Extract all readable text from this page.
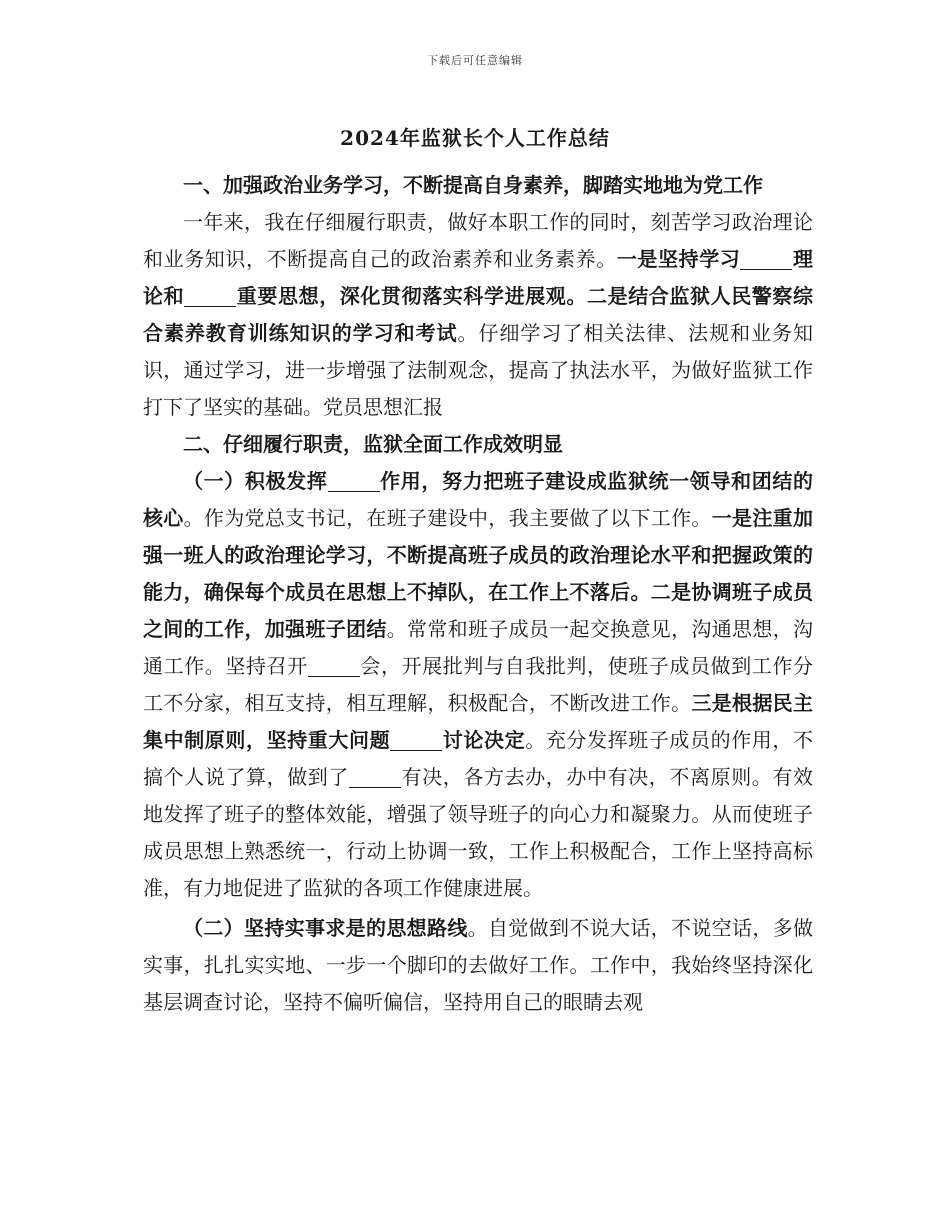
下载后可任意编辑
2024年监狱长个人工作总结

一、加强政治业务学习，不断提高自身素养，脚踏实地地为党工作

一年来，我在仔细履行职责，做好本职工作的同时，刻苦学习政治理论和业务知识，不断提高自己的政治素养和业务素养。一是坚持学习	理论和	重要思想，深化贯彻落实科学进展观。二是结合监狱人民警察综合素养教育训练知识的学习和考试。仔细学习了相关法律、法规和业务知识，通过学习，进一步增强了法制观念，提高了执法水平，为做好监狱工作打下了坚实的基础。党员思想汇报

二、仔细履行职责，监狱全面工作成效明显

（一）积极发挥	作用，努力把班子建设成监狱统一领导和团结的核心。作为党总支书记，在班子建设中，我主要做了以下工作。一是注重加强一班人的政治理论学习，不断提高班子成员的政治理论水平和把握政策的能力，确保每个成员在思想上不掉队，在工作上不落后。二是协调班子成员之间的工作，加强班子团结。常常和班子成员一起交换意见，沟通思想，沟通工作。坚持召开	会，开展批判与自我批判，使班子成员做到工作分工不分家，相互支持，相互理解，积极配合，不断改进工作。三是根据民主集中制原则，坚持重大问题	讨论决定。充分发挥班子成员的作用，不搞个人说了算，做到了	有决，各方去办，办中有决，不离原则。有效地发挥了班子的整体效能，增强了领导班子的向心力和凝聚力。从而使班子成员思想上熟悉统一，行动上协调一致，工作上积极配合，工作上坚持高标准，有力地促进了监狱的各项工作健康进展。

（二）坚持实事求是的思想路线。自觉做到不说大话，不说空话，多做实事，扎扎实实地、一步一个脚印的去做好工作。工作中，我始终坚持深化基层调查讨论，坚持不偏听偏信，坚持用自己的眼睛去观
